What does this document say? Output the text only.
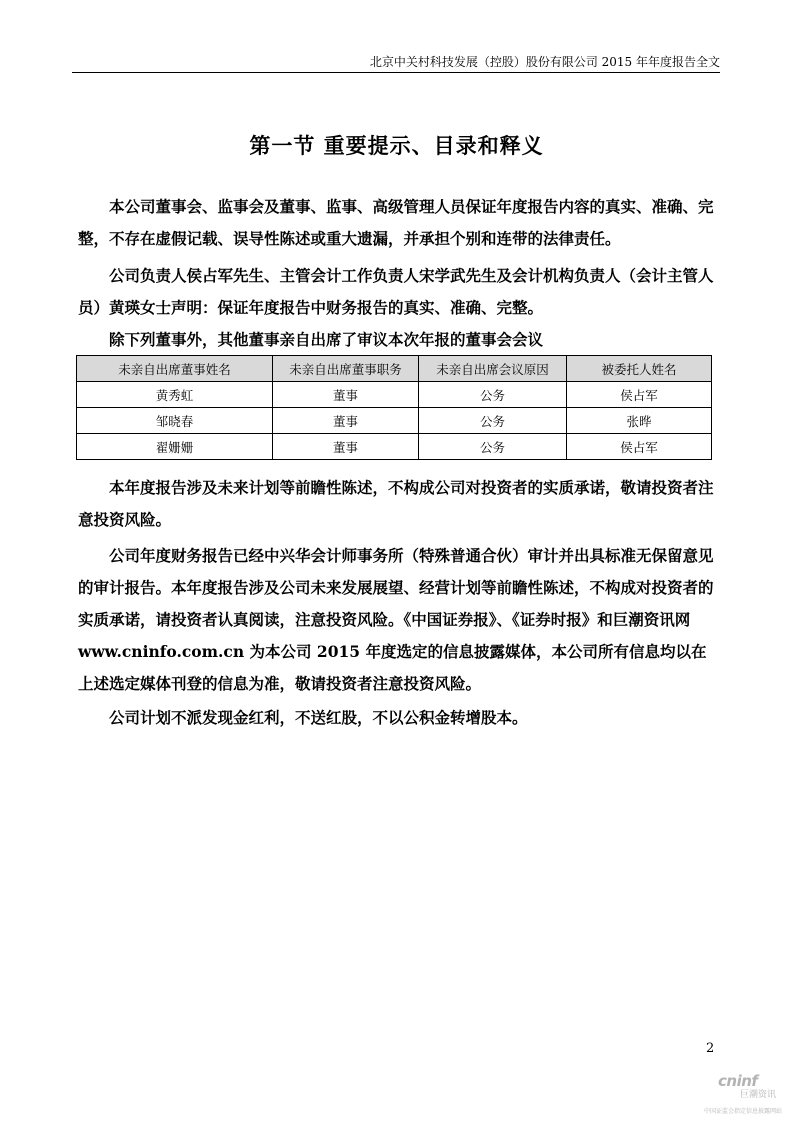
北京中关村科技发展（控股）股份有限公司 2015 年年度报告全文
第一节 重要提示、目录和释义

本公司董事会、监事会及董事、监事、高级管理人员保证年度报告内容的真实、准确、完整，不存在虚假记载、误导性陈述或重大遗漏，并承担个别和连带的法律责任。

公司负责人侯占军先生、主管会计工作负责人宋学武先生及会计机构负责人（会计主管人员）黄瑛女士声明：保证年度报告中财务报告的真实、准确、完整。

除下列董事外，其他董事亲自出席了审议本次年报的董事会会议

未亲自出席董事姓名	未亲自出席董事职务	未亲自出席会议原因	被委托人姓名
黄秀虹	董事	公务	侯占军
邹晓春	董事	公务	张晔
翟姗姗	董事	公务	侯占军

本年度报告涉及未来计划等前瞻性陈述，不构成公司对投资者的实质承诺，敬请投资者注意投资风险。

公司年度财务报告已经中兴华会计师事务所（特殊普通合伙）审计并出具标准无保留意见的审计报告。本年度报告涉及公司未来发展展望、经营计划等前瞻性陈述，不构成对投资者的实质承诺，请投资者认真阅读，注意投资风险。《中国证券报》、《证券时报》和巨潮资讯网 www.cninfo.com.cn 为本公司 2015 年度选定的信息披露媒体，本公司所有信息均以在上述选定媒体刊登的信息为准，敬请投资者注意投资风险。

公司计划不派发现金红利，不送红股，不以公积金转增股本。

2
cninf
巨潮资讯
中国证监会指定信息披露网站
